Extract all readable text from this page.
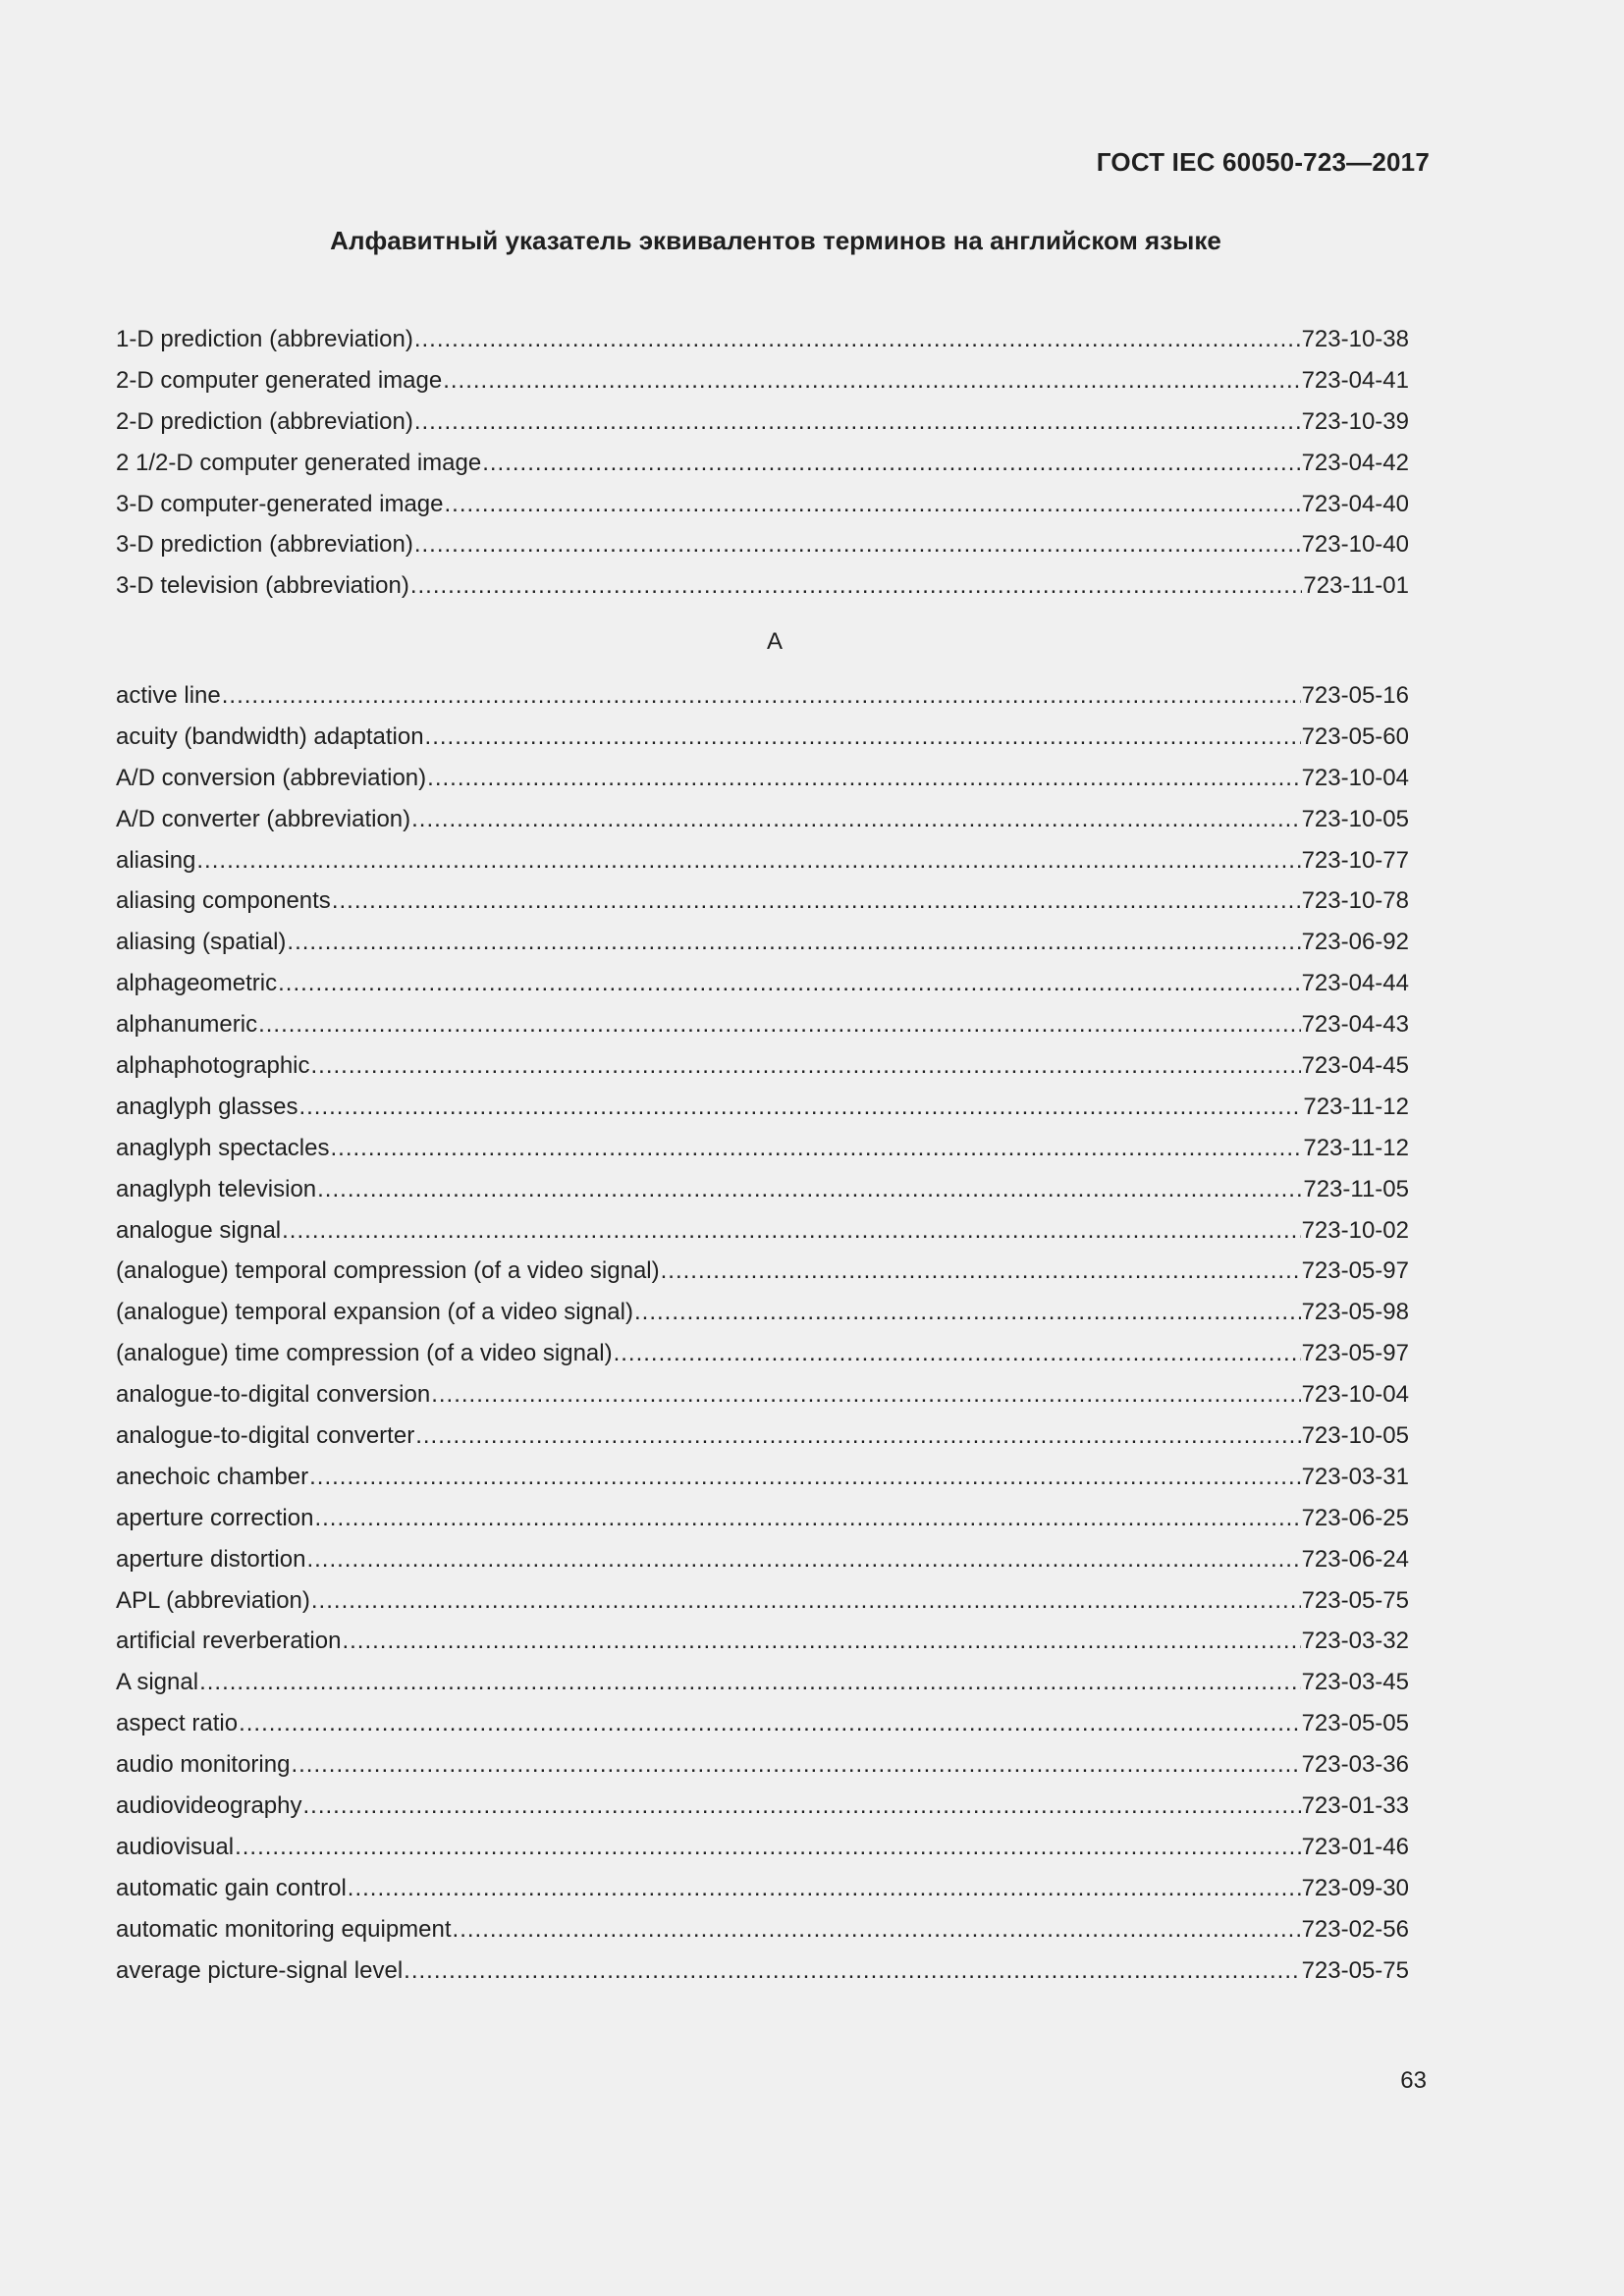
ГОСТ IEC 60050-723—2017
Алфавитный указатель эквивалентов терминов на английском языке
1-D prediction (abbreviation) .....	723-10-38
2-D computer generated image .....	723-04-41
2-D prediction (abbreviation) .....	723-10-39
2 1/2-D computer generated image .....	723-04-42
3-D computer-generated image .....	723-04-40
3-D prediction (abbreviation) .....	723-10-40
3-D television (abbreviation) .....	723-11-01
A
active line .....	723-05-16
acuity (bandwidth) adaptation .....	723-05-60
A/D conversion (abbreviation) .....	723-10-04
A/D converter (abbreviation) .....	723-10-05
aliasing .....	723-10-77
aliasing components .....	723-10-78
aliasing (spatial) .....	723-06-92
alphageometric .....	723-04-44
alphanumeric .....	723-04-43
alphaphotographic .....	723-04-45
anaglyph glasses .....	723-11-12
anaglyph spectacles .....	723-11-12
anaglyph television .....	723-11-05
analogue signal .....	723-10-02
(analogue) temporal compression (of a video signal) .....	723-05-97
(analogue) temporal expansion (of a video signal) .....	723-05-98
(analogue) time compression (of a video signal) .....	723-05-97
analogue-to-digital conversion .....	723-10-04
analogue-to-digital converter .....	723-10-05
anechoic chamber .....	723-03-31
aperture correction .....	723-06-25
aperture distortion .....	723-06-24
APL (abbreviation) .....	723-05-75
artificial reverberation .....	723-03-32
A signal .....	723-03-45
aspect ratio .....	723-05-05
audio monitoring .....	723-03-36
audiovideography .....	723-01-33
audiovisual .....	723-01-46
automatic gain control .....	723-09-30
automatic monitoring equipment .....	723-02-56
average picture-signal level .....	723-05-75
63
